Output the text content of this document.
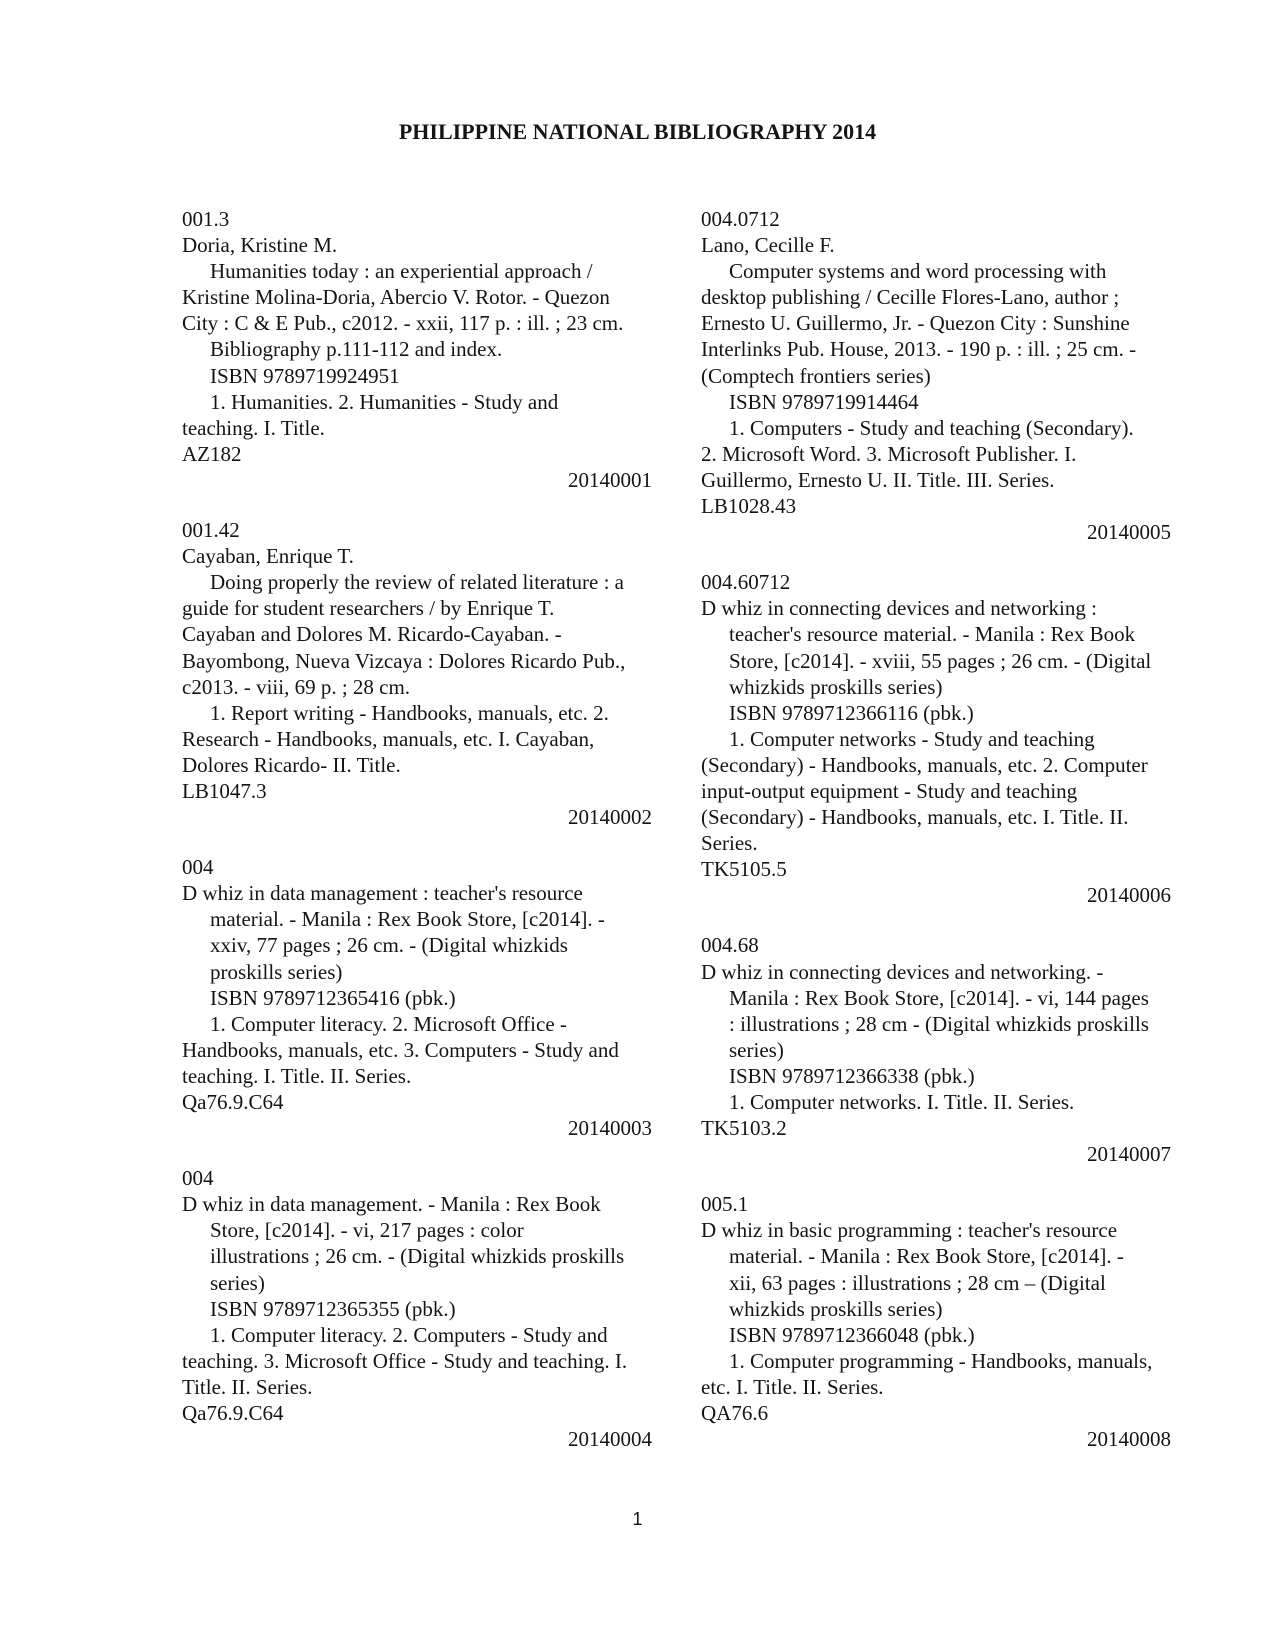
PHILIPPINE NATIONAL BIBLIOGRAPHY 2014
001.3
Doria, Kristine M.
Humanities today : an experiential approach /
Kristine Molina-Doria, Abercio V. Rotor. - Quezon
City : C & E Pub., c2012. - xxii, 117 p. : ill. ; 23 cm.
Bibliography p.111-112 and index.
ISBN 9789719924951
1. Humanities. 2. Humanities - Study and
teaching. I. Title.
AZ182
20140001
001.42
Cayaban, Enrique T.
Doing properly the review of related literature : a
guide for student researchers / by Enrique T.
Cayaban and Dolores M. Ricardo-Cayaban. -
Bayombong, Nueva Vizcaya : Dolores Ricardo Pub.,
c2013. - viii, 69 p. ; 28 cm.
1. Report writing - Handbooks, manuals, etc. 2.
Research - Handbooks, manuals, etc. I. Cayaban,
Dolores Ricardo- II. Title.
LB1047.3
20140002
004
D whiz in data management : teacher's resource
material. - Manila : Rex Book Store, [c2014]. -
xxiv, 77 pages ; 26 cm. - (Digital whizkids
proskills series)
ISBN 9789712365416 (pbk.)
1. Computer literacy. 2. Microsoft Office -
Handbooks, manuals, etc. 3. Computers - Study and
teaching. I. Title. II. Series.
Qa76.9.C64
20140003
004
D whiz in data management. - Manila : Rex Book
Store, [c2014]. - vi, 217 pages : color
illustrations ; 26 cm. - (Digital whizkids proskills
series)
ISBN 9789712365355 (pbk.)
1. Computer literacy. 2. Computers - Study and
teaching. 3. Microsoft Office - Study and teaching. I.
Title. II. Series.
Qa76.9.C64
20140004
004.0712
Lano, Cecille F.
Computer systems and word processing with
desktop publishing / Cecille Flores-Lano, author ;
Ernesto U. Guillermo, Jr. - Quezon City : Sunshine
Interlinks Pub. House, 2013. - 190 p. : ill. ; 25 cm. -
(Comptech frontiers series)
ISBN 9789719914464
1. Computers - Study and teaching (Secondary).
2. Microsoft Word. 3. Microsoft Publisher. I.
Guillermo, Ernesto U. II. Title. III. Series.
LB1028.43
20140005
004.60712
D whiz in connecting devices and networking :
teacher's resource material. - Manila : Rex Book
Store, [c2014]. - xviii, 55 pages ; 26 cm. - (Digital
whizkids proskills series)
ISBN 9789712366116 (pbk.)
1. Computer networks - Study and teaching
(Secondary) - Handbooks, manuals, etc. 2. Computer
input-output equipment - Study and teaching
(Secondary) - Handbooks, manuals, etc. I. Title. II.
Series.
TK5105.5
20140006
004.68
D whiz in connecting devices and networking. -
Manila : Rex Book Store, [c2014]. - vi, 144 pages
: illustrations ; 28 cm - (Digital whizkids proskills
series)
ISBN 9789712366338 (pbk.)
1. Computer networks. I. Title. II. Series.
TK5103.2
20140007
005.1
D whiz in basic programming : teacher's resource
material. - Manila : Rex Book Store, [c2014]. -
xii, 63 pages : illustrations ; 28 cm – (Digital
whizkids proskills series)
ISBN 9789712366048 (pbk.)
1. Computer programming - Handbooks, manuals,
etc. I. Title. II. Series.
QA76.6
20140008
1
